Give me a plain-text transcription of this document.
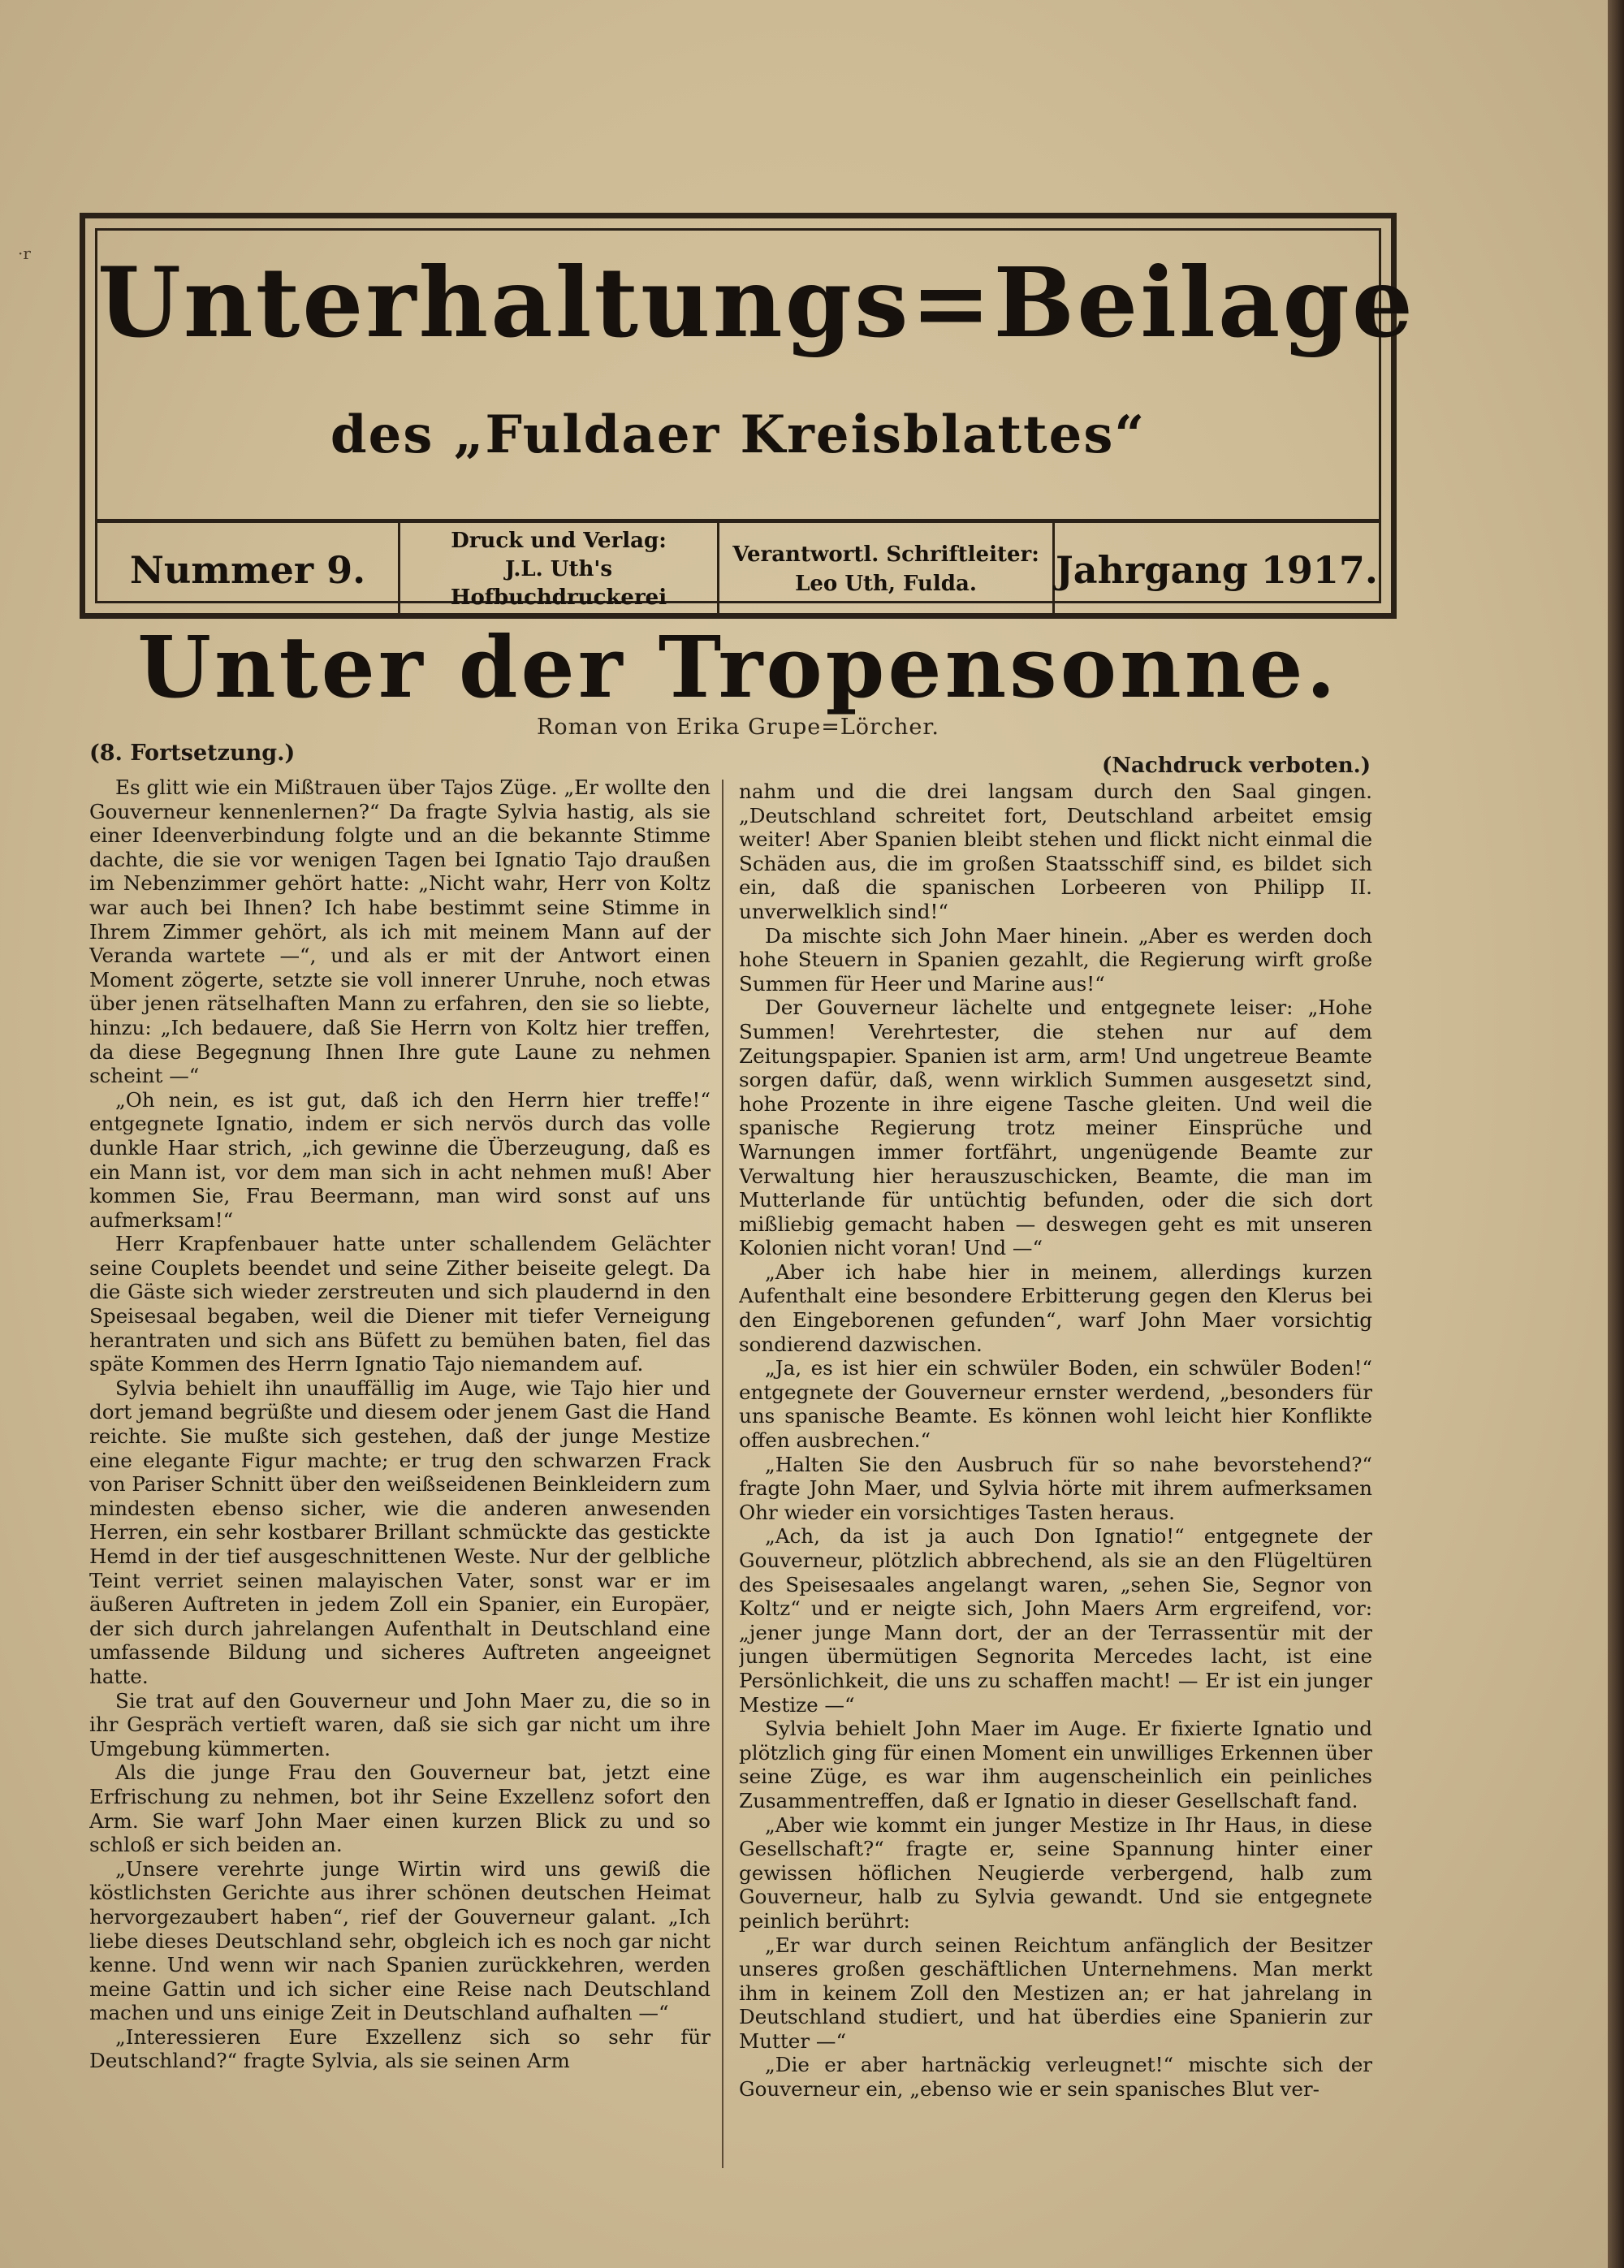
·r Unterhaltungs=Beilage
des „Fuldaer Kreisblattes“
Nummer 9.
Druck und Verlag:
J.L. Uth's Hofbuchdruckerei
Verantwortl. Schriftleiter:
Leo Uth, Fulda. Jahrgang 1917.
Unter der Tropensonne.
Roman von Erika Grupe=Lörcher.
(8. Fortsetzung.)	(Nachdruck verboten.)

Es glitt wie ein Mißtrauen über Tajos Züge. „Er wollte den Gouverneur kennenlernen?“ Da fragte Sylvia hastig, als sie einer Ideenverbindung folgte und an die bekannte Stimme dachte, die sie vor wenigen Tagen bei Ignatio Tajo draußen im Nebenzimmer gehört hatte: „Nicht wahr, Herr von Koltz war auch bei Ihnen? Ich habe bestimmt seine Stimme in Ihrem Zimmer gehört, als ich mit meinem Mann auf der Veranda wartete —“, und als er mit der Antwort einen Moment zögerte, setzte sie voll innerer Unruhe, noch etwas über jenen rätselhaften Mann zu erfahren, den sie so liebte, hinzu: „Ich bedauere, daß Sie Herrn von Koltz hier treffen, da diese Begegnung Ihnen Ihre gute Laune zu nehmen scheint —“

„Oh nein, es ist gut, daß ich den Herrn hier treffe!“ entgegnete Ignatio, indem er sich nervös durch das volle dunkle Haar strich, „ich gewinne die Überzeugung, daß es ein Mann ist, vor dem man sich in acht nehmen muß! Aber kommen Sie, Frau Beermann, man wird sonst auf uns aufmerksam!“

Herr Krapfenbauer hatte unter schallendem Gelächter seine Couplets beendet und seine Zither beiseite gelegt. Da die Gäste sich wieder zerstreuten und sich plaudernd in den Speisesaal begaben, weil die Diener mit tiefer Verneigung herantraten und sich ans Büfett zu bemühen baten, fiel das späte Kommen des Herrn Ignatio Tajo niemandem auf.

Sylvia behielt ihn unauffällig im Auge, wie Tajo hier und dort jemand begrüßte und diesem oder jenem Gast die Hand reichte. Sie mußte sich gestehen, daß der junge Mestize eine elegante Figur machte; er trug den schwarzen Frack von Pariser Schnitt über den weißseidenen Beinkleidern zum mindesten ebenso sicher, wie die anderen anwesenden Herren, ein sehr kostbarer Brillant schmückte das gestickte Hemd in der tief ausgeschnittenen Weste. Nur der gelbliche Teint verriet seinen malayischen Vater, sonst war er im äußeren Auftreten in jedem Zoll ein Spanier, ein Europäer, der sich durch jahrelangen Aufenthalt in Deutschland eine umfassende Bildung und sicheres Auftreten angeeignet hatte.

Sie trat auf den Gouverneur und John Maer zu, die so in ihr Gespräch vertieft waren, daß sie sich gar nicht um ihre Umgebung kümmerten.

Als die junge Frau den Gouverneur bat, jetzt eine Erfrischung zu nehmen, bot ihr Seine Exzellenz sofort den Arm. Sie warf John Maer einen kurzen Blick zu und so schloß er sich beiden an.

„Unsere verehrte junge Wirtin wird uns gewiß die köstlichsten Gerichte aus ihrer schönen deutschen Heimat hervorgezaubert haben“, rief der Gouverneur galant. „Ich liebe dieses Deutschland sehr, obgleich ich es noch gar nicht kenne. Und wenn wir nach Spanien zurückkehren, werden meine Gattin und ich sicher eine Reise nach Deutschland machen und uns einige Zeit in Deutschland aufhalten —“

„Interessieren Eure Exzellenz sich so sehr für Deutschland?“ fragte Sylvia, als sie seinen Arm

nahm und die drei langsam durch den Saal gingen. „Deutschland schreitet fort, Deutschland arbeitet emsig weiter! Aber Spanien bleibt stehen und flickt nicht einmal die Schäden aus, die im großen Staatsschiff sind, es bildet sich ein, daß die spanischen Lorbeeren von Philipp II. unverwelklich sind!“

Da mischte sich John Maer hinein. „Aber es werden doch hohe Steuern in Spanien gezahlt, die Regierung wirft große Summen für Heer und Marine aus!“

Der Gouverneur lächelte und entgegnete leiser: „Hohe Summen! Verehrtester, die stehen nur auf dem Zeitungspapier. Spanien ist arm, arm! Und ungetreue Beamte sorgen dafür, daß, wenn wirklich Summen ausgesetzt sind, hohe Prozente in ihre eigene Tasche gleiten. Und weil die spanische Regierung trotz meiner Einsprüche und Warnungen immer fortfährt, ungenügende Beamte zur Verwaltung hier herauszuschicken, Beamte, die man im Mutterlande für untüchtig befunden, oder die sich dort mißliebig gemacht haben — deswegen geht es mit unseren Kolonien nicht voran! Und —“

„Aber ich habe hier in meinem, allerdings kurzen Aufenthalt eine besondere Erbitterung gegen den Klerus bei den Eingeborenen gefunden“, warf John Maer vorsichtig sondierend dazwischen.

„Ja, es ist hier ein schwüler Boden, ein schwüler Boden!“ entgegnete der Gouverneur ernster werdend, „besonders für uns spanische Beamte. Es können wohl leicht hier Konflikte offen ausbrechen.“

„Halten Sie den Ausbruch für so nahe bevorstehend?“ fragte John Maer, und Sylvia hörte mit ihrem aufmerksamen Ohr wieder ein vorsichtiges Tasten heraus.

„Ach, da ist ja auch Don Ignatio!“ entgegnete der Gouverneur, plötzlich abbrechend, als sie an den Flügeltüren des Speisesaales angelangt waren, „sehen Sie, Segnor von Koltz“ und er neigte sich, John Maers Arm ergreifend, vor: „jener junge Mann dort, der an der Terrassentür mit der jungen übermütigen Segnorita Mercedes lacht, ist eine Persönlichkeit, die uns zu schaffen macht! — Er ist ein junger Mestize —“

Sylvia behielt John Maer im Auge. Er fixierte Ignatio und plötzlich ging für einen Moment ein unwilliges Erkennen über seine Züge, es war ihm augenscheinlich ein peinliches Zusammentreffen, daß er Ignatio in dieser Gesellschaft fand.

„Aber wie kommt ein junger Mestize in Ihr Haus, in diese Gesellschaft?“ fragte er, seine Spannung hinter einer gewissen höflichen Neugierde verbergend, halb zum Gouverneur, halb zu Sylvia gewandt. Und sie entgegnete peinlich berührt:

„Er war durch seinen Reichtum anfänglich der Besitzer unseres großen geschäftlichen Unternehmens. Man merkt ihm in keinem Zoll den Mestizen an; er hat jahrelang in Deutschland studiert, und hat überdies eine Spanierin zur Mutter —“

„Die er aber hartnäckig verleugnet!“ mischte sich der Gouverneur ein, „ebenso wie er sein spanisches Blut ver-
